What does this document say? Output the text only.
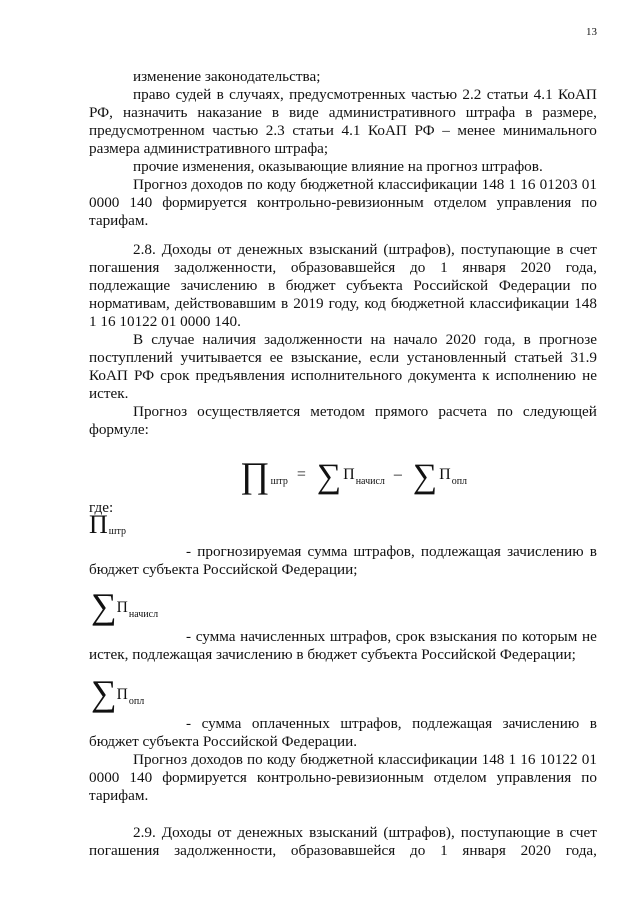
13
изменение законодательства;
право судей в случаях, предусмотренных частью 2.2 статьи 4.1 КоАП
РФ, назначить наказание в виде административного штрафа в размере,
предусмотренном частью 2.3 статьи 4.1 КоАП РФ – менее минимального
размера административного штрафа;
прочие изменения, оказывающие влияние на прогноз штрафов.
Прогноз доходов по коду бюджетной классификации 148 1 16 01203 01
0000 140 формируется контрольно-ревизионным отделом управления по
тарифам.
2.8. Доходы от денежных взысканий (штрафов), поступающие в счет
погашения задолженности, образовавшейся до 1 января 2020 года,
подлежащие зачислению в бюджет субъекта Российской Федерации по
нормативам, действовавшим в 2019 году, код бюджетной классификации 148
1 16 10122 01 0000 140.
В случае наличия задолженности на начало 2020 года, в прогнозе
поступлений учитывается ее взыскание, если установленный статьей 31.9
КоАП РФ срок предъявления исполнительного документа к исполнению не
истек.
Прогноз осуществляется методом прямого расчета по следующей
формуле:
где:
- прогнозируемая сумма штрафов, подлежащая зачислению в
бюджет субъекта Российской Федерации;
- сумма начисленных штрафов, срок взыскания по которым не
истек, подлежащая зачислению в бюджет субъекта Российской Федерации;
- сумма оплаченных штрафов, подлежащая зачислению в
бюджет субъекта Российской Федерации.
Прогноз доходов по коду бюджетной классификации 148 1 16 10122 01
0000 140 формируется контрольно-ревизионным отделом управления по
тарифам.
2.9. Доходы от денежных взысканий (штрафов), поступающие в счет
погашения задолженности, образовавшейся до 1 января 2020 года,
$\prod_{штр}$ = ∑ $П_{начисл}$ – ∑ $П_{опл}$
$П_{штр}$
$\sum П_{начисл}$
$\sum П_{опл}$
